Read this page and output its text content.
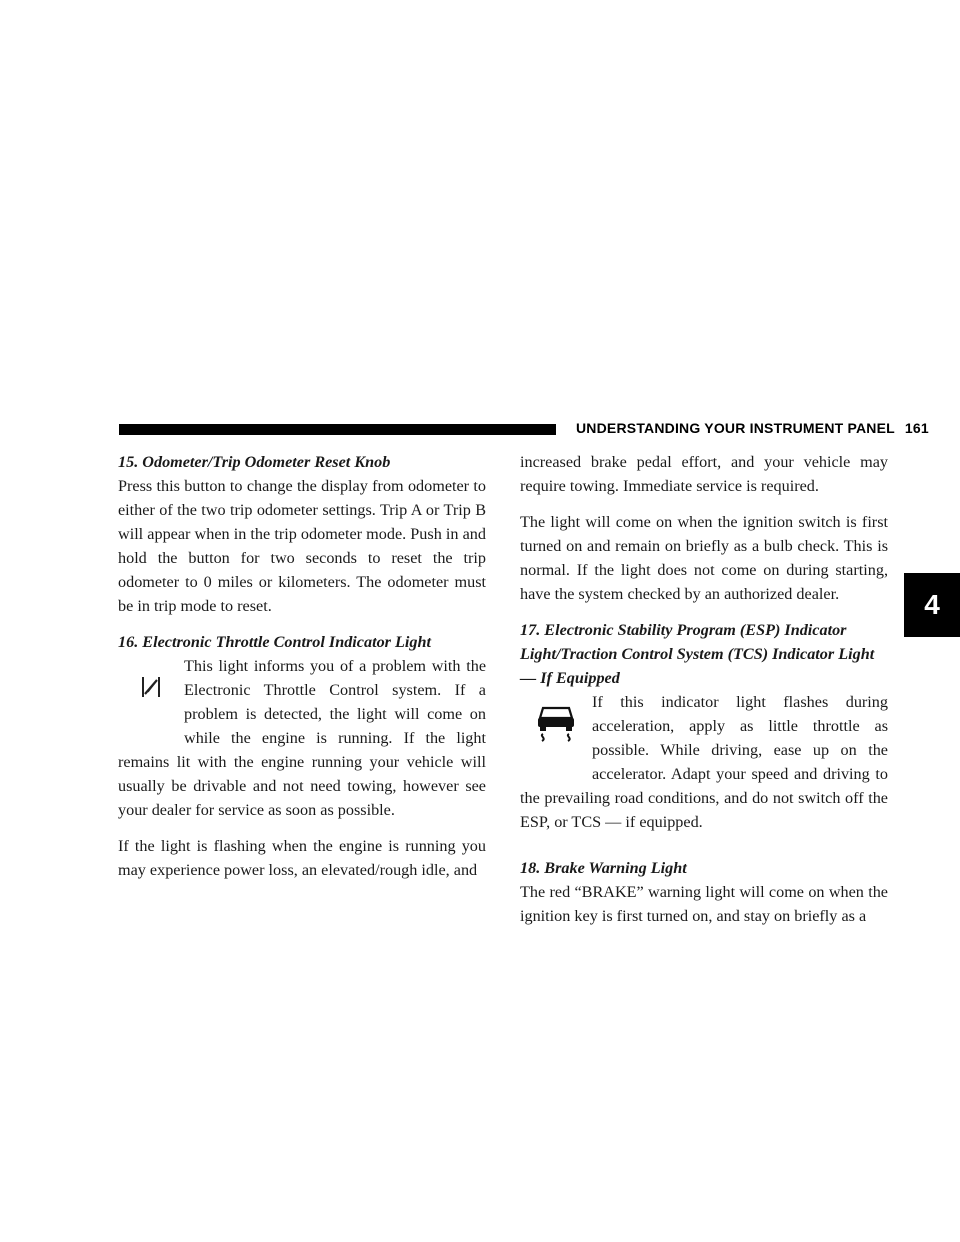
UNDERSTANDING YOUR INSTRUMENT PANEL 161
4
15. Odometer/Trip Odometer Reset Knob

Press this button to change the display from odometer to either of the two trip odometer settings. Trip A or Trip B will appear when in the trip odometer mode. Push in and hold the button for two seconds to reset the trip odometer to 0 miles or kilometers. The odometer must be in trip mode to reset.

16. Electronic Throttle Control Indicator Light

This light informs you of a problem with the Electronic Throttle Control system. If a problem is detected, the light will come on while the engine is running. If the light remains lit with the engine running your vehicle will usually be drivable and not need towing, however see your dealer for service as soon as possible.

If the light is flashing when the engine is running you may experience power loss, an elevated/rough idle, and

increased brake pedal effort, and your vehicle may require towing. Immediate service is required.

The light will come on when the ignition switch is first turned on and remain on briefly as a bulb check. This is normal. If the light does not come on during starting, have the system checked by an authorized dealer.

17. Electronic Stability Program (ESP) Indicator Light/Traction Control System (TCS) Indicator Light — If Equipped

If this indicator light flashes during acceleration, apply as little throttle as possible. While driving, ease up on the accelerator. Adapt your speed and driving to the prevailing road conditions, and do not switch off the ESP, or TCS — if equipped.

18. Brake Warning Light

The red “BRAKE” warning light will come on when the ignition key is first turned on, and stay on briefly as a
